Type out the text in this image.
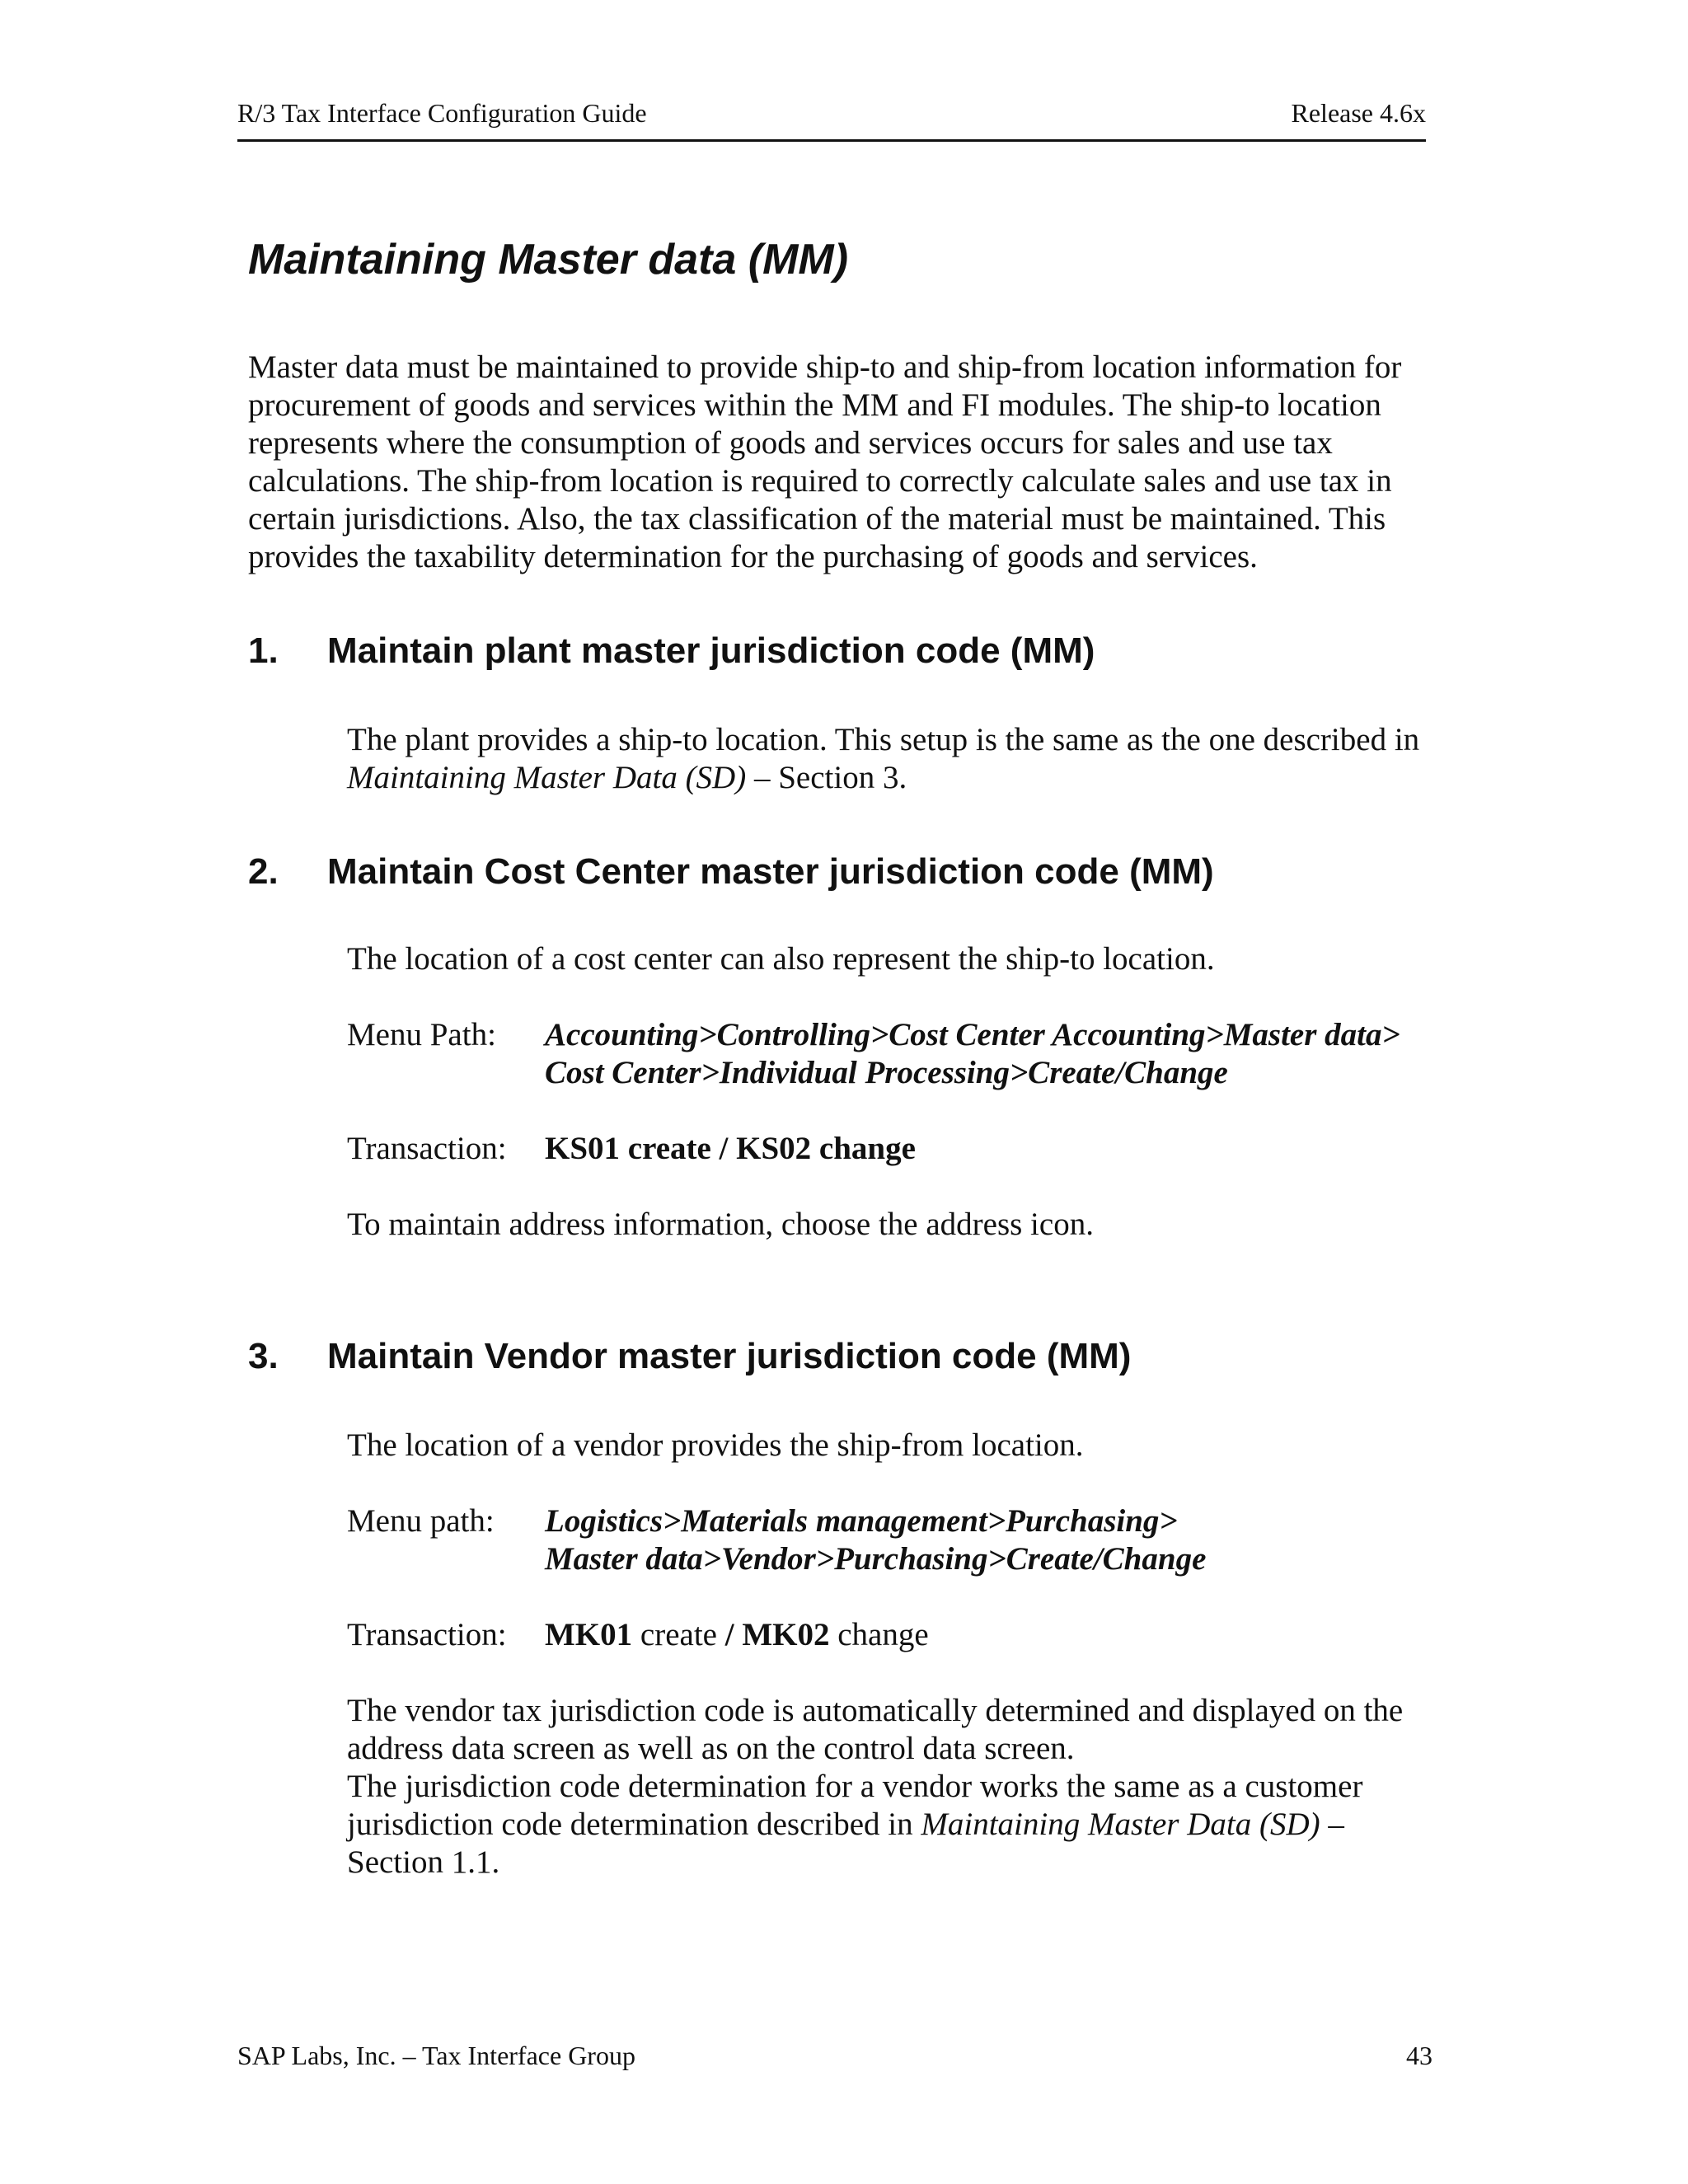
R/3 Tax Interface Configuration Guide	Release 4.6x
Maintaining Master data (MM)

Master data must be maintained to provide ship-to and ship-from location information for procurement of goods and services within the MM and FI modules. The ship-to location represents where the consumption of goods and services occurs for sales and use tax calculations. The ship-from location is required to correctly calculate sales and use tax in certain jurisdictions. Also, the tax classification of the material must be maintained. This provides the taxability determination for the purchasing of goods and services.

1. Maintain plant master jurisdiction code (MM)

The plant provides a ship-to location. This setup is the same as the one described in Maintaining Master Data (SD) – Section 3.

2. Maintain Cost Center master jurisdiction code (MM)

The location of a cost center can also represent the ship-to location.

Menu Path: Accounting>Controlling>Cost Center Accounting>Master data>
Cost Center>Individual Processing>Create/Change
Transaction: KS01 create / KS02 change

To maintain address information, choose the address icon.

3. Maintain Vendor master jurisdiction code (MM)

The location of a vendor provides the ship-from location.

Menu path: Logistics>Materials management>Purchasing>
Master data>Vendor>Purchasing>Create/Change
Transaction: MK01 create / MK02 change
The vendor tax jurisdiction code is automatically determined and displayed on the address data screen as well as on the control data screen.
The jurisdiction code determination for a vendor works the same as a customer jurisdiction code determination described in Maintaining Master Data (SD) – Section 1.1.
SAP Labs, Inc. – Tax Interface Group	43
